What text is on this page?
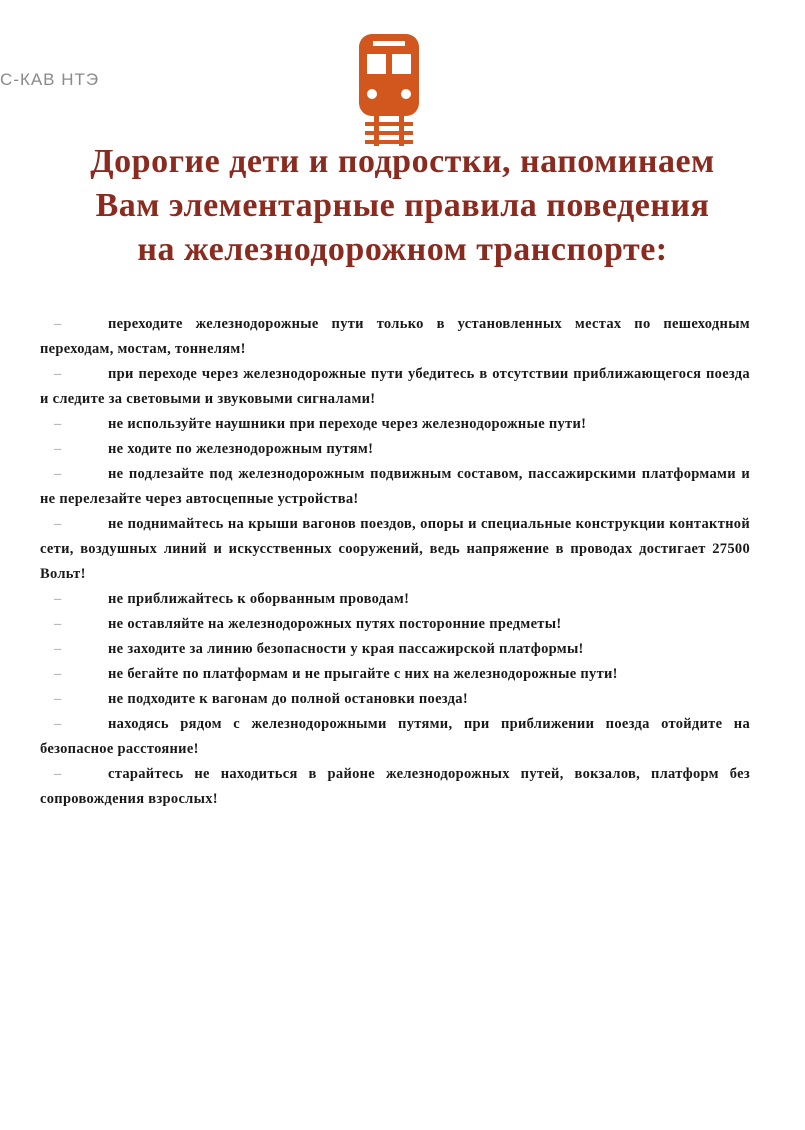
С-КАВ НТЭ
Дорогие дети и подростки, напоминаем
Вам элементарные правила поведения
на железнодорожном транспорте:
–	переходите железнодорожные пути только в установленных местах по пешеходным переходам, мостам, тоннелям!
–	при переходе через железнодорожные пути убедитесь в отсутствии приближающегося поезда и следите за световыми и звуковыми сигналами!
–	не используйте наушники при переходе через железнодорожные пути!
–	не ходите по железнодорожным путям!
–	не подлезайте под железнодорожным подвижным составом, пассажирскими платформами и не перелезайте через автосцепные устройства!
–	не поднимайтесь на крыши вагонов поездов, опоры и специальные конструкции контактной сети, воздушных линий и искусственных сооружений, ведь напряжение в проводах достигает 27500 Вольт!
–	не приближайтесь к оборванным проводам!
–	не оставляйте на железнодорожных путях посторонние предметы!
–	не заходите за линию безопасности у края пассажирской платформы!
–	не бегайте по платформам и не прыгайте с них на железнодорожные пути!
–	не подходите к вагонам до полной остановки поезда!
–	находясь рядом с железнодорожными путями, при приближении поезда отойдите на безопасное расстояние!
–	старайтесь не находиться в районе железнодорожных путей, вокзалов, платформ без сопровождения взрослых!
